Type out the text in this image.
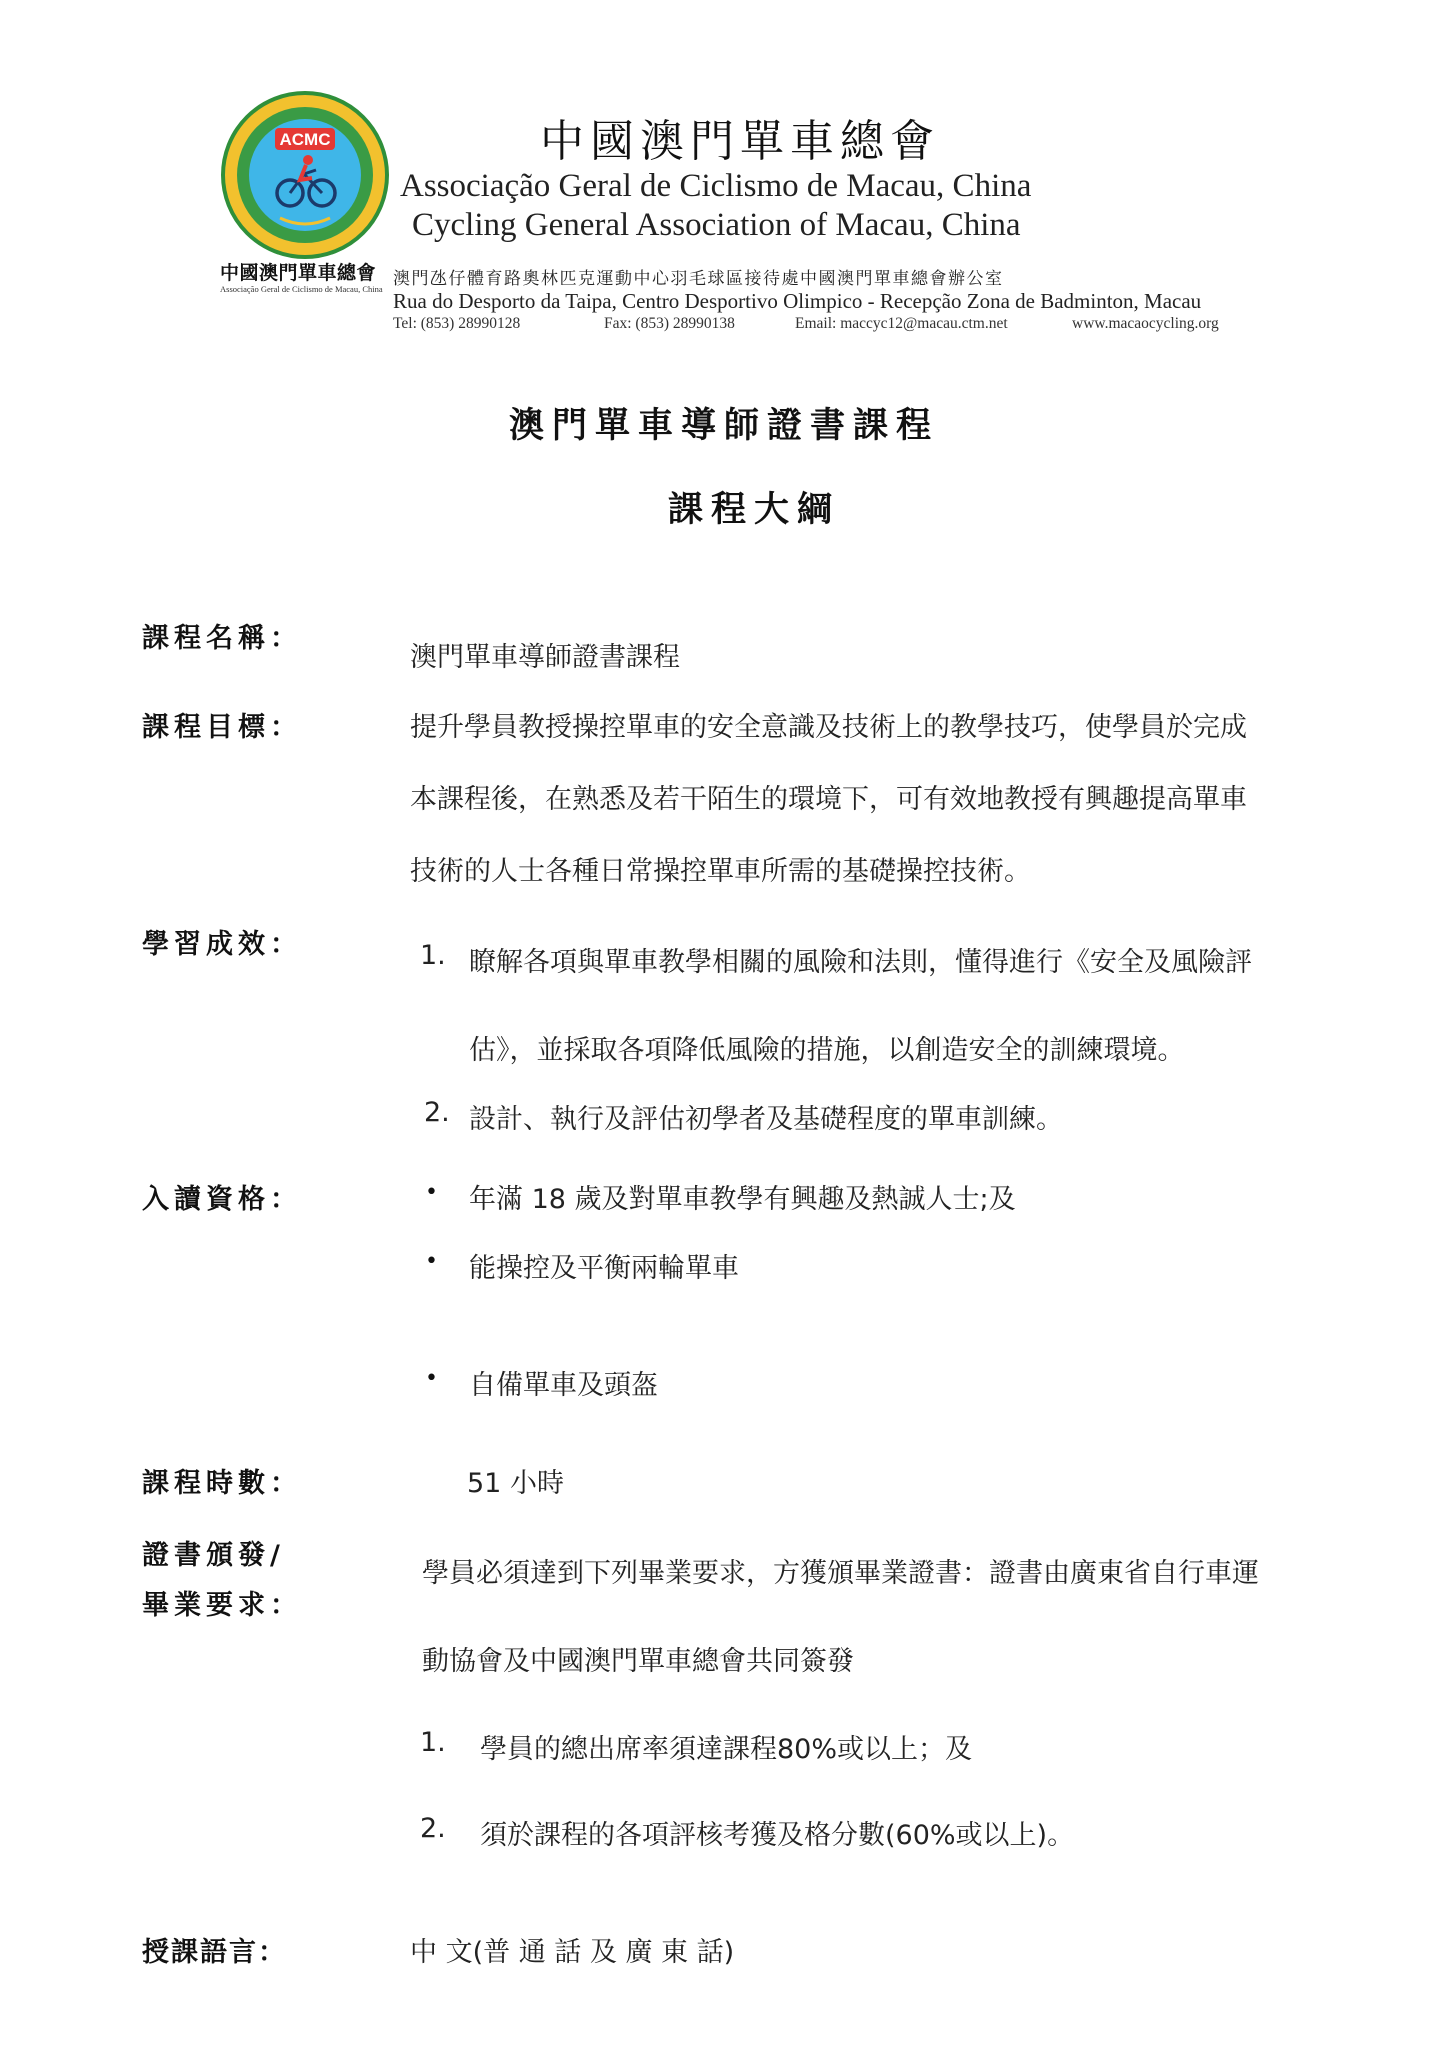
ACMC	中國澳門單車總會
Associação Geral de Ciclismo de Macau, China
Cycling General Association of Macau, China
中國澳門單車總會
Associação Geral de Ciclismo de Macau, China 澳門氹仔體育路奧林匹克運動中心羽毛球區接待處中國澳門單車總會辦公室
Rua do Desporto da Taipa, Centro Desportivo Olimpico - Recepção Zona de Badminton, Macau
Tel: (853) 28990128	Fax: (853) 28990138	Email: maccyc12@macau.ctm.net	www.macaocycling.org
澳門單車導師證書課程
課程大綱
課程名稱：
澳門單車導師證書課程
課程目標：	提升學員教授操控單車的安全意識及技術上的教學技巧，使學員於完成
本課程後，在熟悉及若干陌生的環境下，可有效地教授有興趣提高單車
技術的人士各種日常操控單車所需的基礎操控技術。
學習成效：	1. 瞭解各項與單車教學相關的風險和法則，懂得進行《安全及風險評
估》，並採取各項降低風險的措施，以創造安全的訓練環境。
2. 設計、執行及評估初學者及基礎程度的單車訓練。
入讀資格：	• 年滿 18 歲及對單車教學有興趣及熱誠人士;及
• 能操控及平衡兩輪單車
• 自備單車及頭盔
課程時數：	51 小時
證書頒發/
畢業要求：
學員必須達到下列畢業要求，方獲頒畢業證書：證書由廣東省自行車運
動協會及中國澳門單車總會共同簽發
1. 學員的總出席率須達課程80%或以上；及
2. 須於課程的各項評核考獲及格分數(60%或以上)。
授課語言：	中 文(普 通 話 及 廣 東 話)
